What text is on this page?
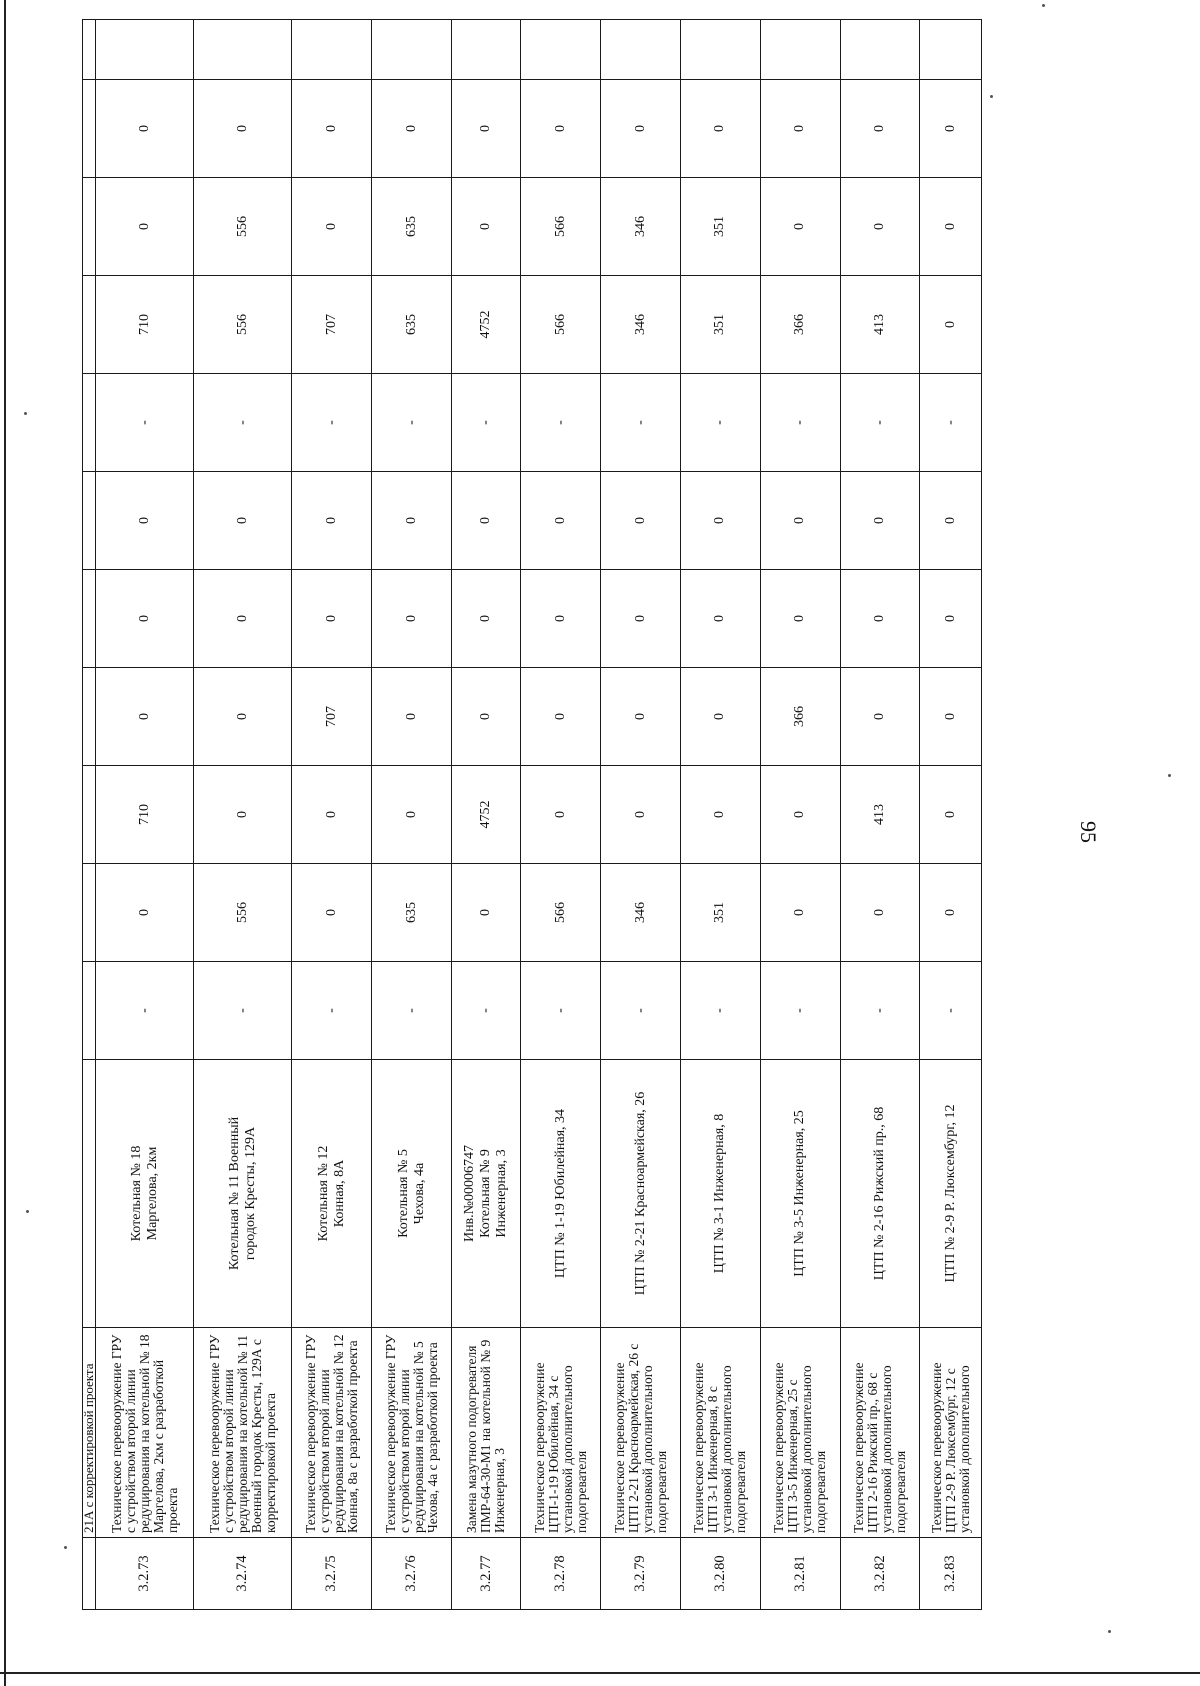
95
	21А с корректировкой проекта												
3.2.73	Техническое перевооружение ГРУ с устройством второй линии редуцирования на котельной № 18 Маргелова, 2км с разработкой проекта	Котельная № 18
Маргелова, 2км	-	0	710	0	0	0	-	710	0	0	
3.2.74	Техническое перевооружение ГРУ с устройством второй линии редуцирования на котельной № 11 Военный городок Кресты, 129А с корректировкой проекта	Котельная № 11 Военный
городок Кресты, 129А	-	556	0	0	0	0	-	556	556	0	
3.2.75	Техническое перевооружение ГРУ с устройством второй линии редуцирования на котельной № 12 Конная, 8а с разработкой проекта	Котельная № 12
Конная, 8А	-	0	0	707	0	0	-	707	0	0	
3.2.76	Техническое перевооружение ГРУ с устройством второй линии редуцирования на котельной № 5 Чехова, 4а с разработкой проекта	Котельная № 5
Чехова, 4а	-	635	0	0	0	0	-	635	635	0	
3.2.77	Замена мазутного подогревателя ПМР-64-30-М1 на котельной № 9 Инженерная, 3	Инв.№00006747
Котельная № 9
Инженерная, 3	-	0	4752	0	0	0	-	4752	0	0	
3.2.78	Техническое перевооружение ЦТП-1-19 Юбилейная, 34 с установкой дополнительного подогревателя	ЦТП № 1-19 Юбилейная, 34	-	566	0	0	0	0	-	566	566	0	
3.2.79	Техническое перевооружение ЦТП 2-21 Красноармейская, 26 с установкой дополнительного подогревателя	ЦТП № 2-21 Красноармейская, 26	-	346	0	0	0	0	-	346	346	0	
3.2.80	Техническое перевооружение ЦТП 3-1 Инженерная, 8 с установкой дополнительного подогревателя	ЦТП № 3-1 Инженерная, 8	-	351	0	0	0	0	-	351	351	0	
3.2.81	Техническое перевооружение ЦТП 3-5 Инженерная, 25 с установкой дополнительного подогревателя	ЦТП № 3-5 Инженерная, 25	-	0	0	366	0	0	-	366	0	0	
3.2.82	Техническое перевооружение ЦТП 2-16 Рижский пр., 68 с установкой дополнительного подогревателя	ЦТП № 2-16 Рижский пр., 68	-	0	413	0	0	0	-	413	0	0	
3.2.83	Техническое перевооружение ЦТП 2-9 Р. Люксембург, 12 с установкой дополнительного	ЦТП № 2-9 Р. Люксембург, 12	-	0	0	0	0	0	-	0	0	0	
